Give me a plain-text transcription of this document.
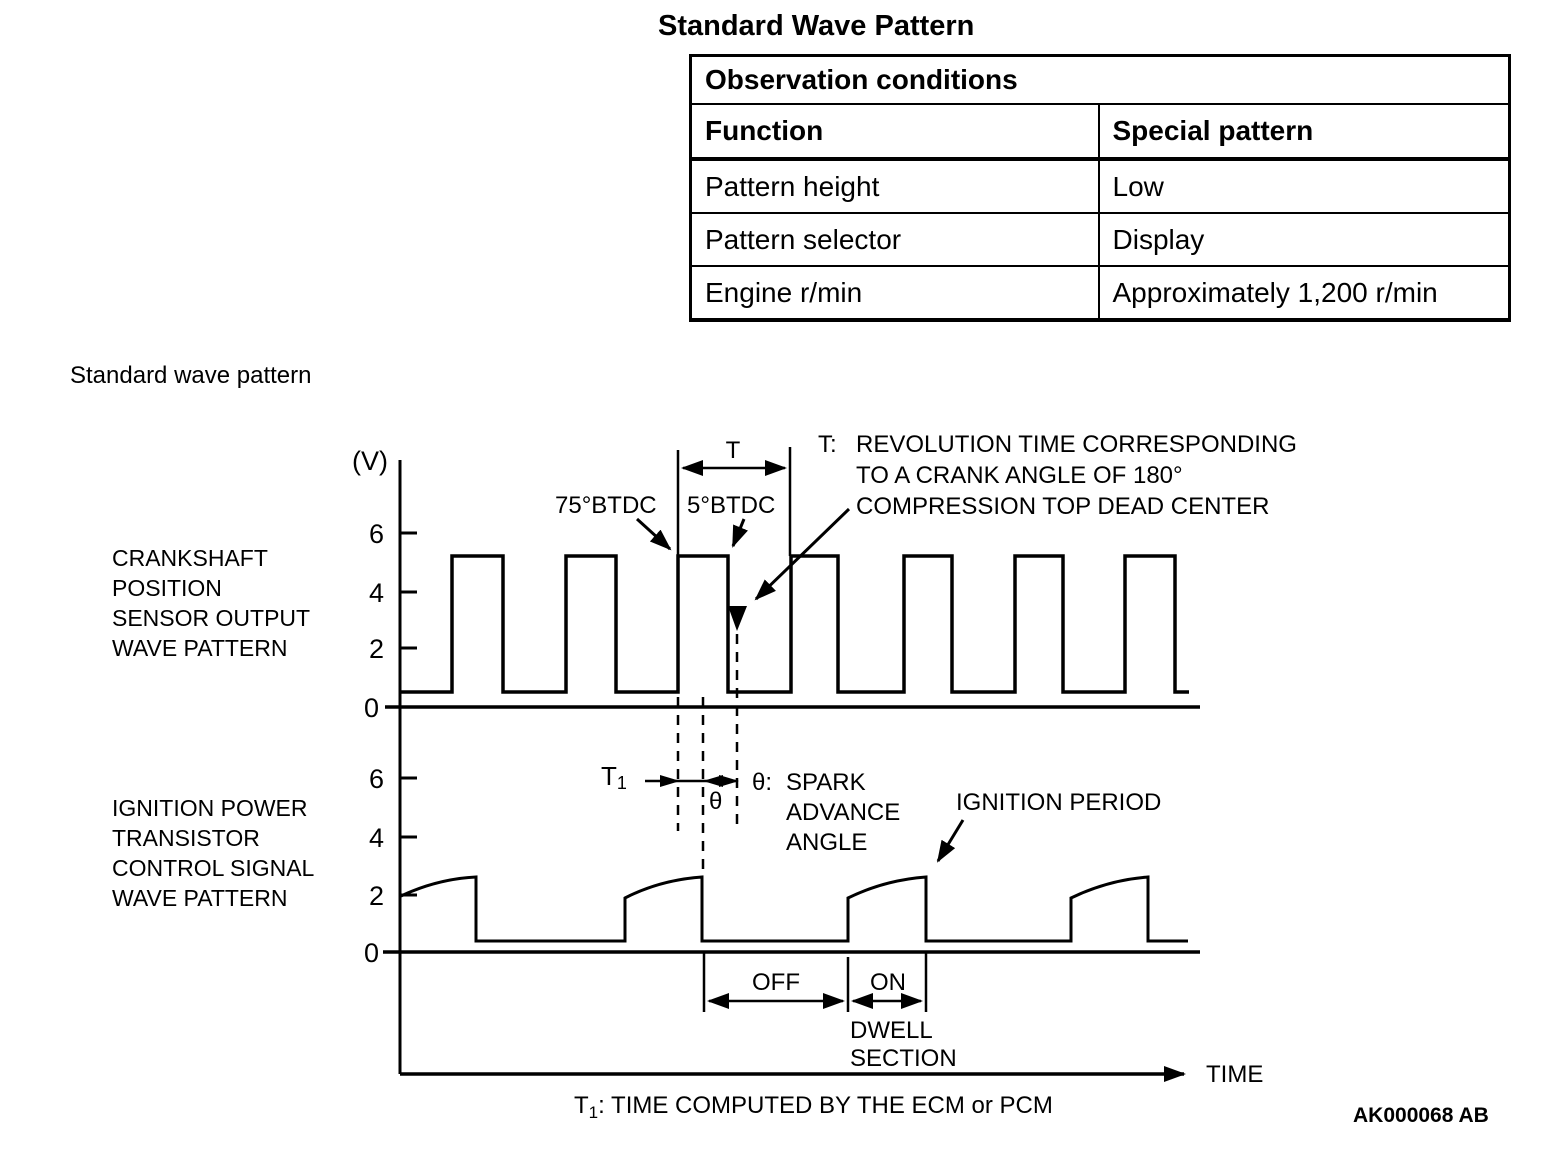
Standard Wave Pattern
Observation conditions	
Function	Special pattern
Pattern height	Low
Pattern selector	Display
Engine r/min	Approximately 1,200 r/min
Standard wave pattern
(V)
6
4
2
0
6
4
2
0
CRANKSHAFT
POSITION
SENSOR OUTPUT
WAVE PATTERN
IGNITION POWER
TRANSISTOR
CONTROL SIGNAL
WAVE PATTERN
T	T: REVOLUTION TIME CORRESPONDING
TO A CRANK ANGLE OF 180°
COMPRESSION TOP DEAD CENTER
75°BTDC 5°BTDC
T1
θ
θ: SPARK
ADVANCE
ANGLE
IGNITION PERIOD
OFF	ON
DWELL
SECTION
TIME
$T_1$: TIME COMPUTED BY THE ECM or PCM	AK000068 AB
